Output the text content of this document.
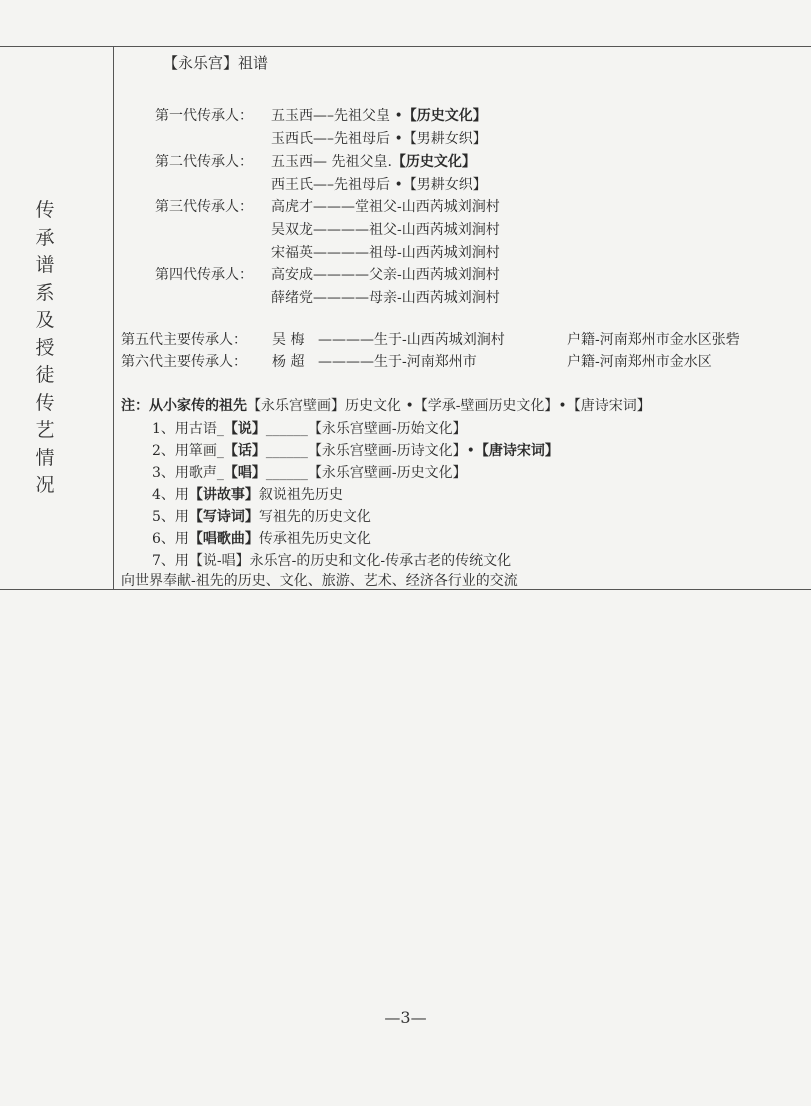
传
承
谱
系
及
授
徒
传
艺
情
况
【永乐宫】祖谱
第一代传承人： 五玉西—–先祖父皇 •【历史文化】
玉西氏—–先祖母后 •【男耕女织】
第二代传承人： 五玉西— 先祖父皇.【历史文化】
西王氏—–先祖母后 •【男耕女织】
第三代传承人： 高虎才———堂祖父-山西芮城刘涧村
吴双龙————祖父-山西芮城刘涧村
宋福英————祖母-山西芮城刘涧村
第四代传承人： 高安成————父亲-山西芮城刘涧村
薛绪党————母亲-山西芮城刘涧村
第五代主要传承人： 吴 梅 ————生于-山西芮城刘涧村	户籍-河南郑州市金水区张砦
第六代主要传承人： 杨 超 ————生于-河南郑州市	户籍-河南郑州市金水区
注：从小家传的祖先【永乐宫壁画】历史文化 •【学承-壁画历史文化】•【唐诗宋词】
1、用古语_【说】______【永乐宫壁画-历始文化】
2、用箪画_【话】______【永乐宫壁画-历诗文化】•【唐诗宋词】
3、用歌声_【唱】______【永乐宫壁画-历史文化】
4、用【讲故事】叙说祖先历史
5、用【写诗词】写祖先的历史文化
6、用【唱歌曲】传承祖先历史文化
7、用【说-唱】永乐宫-的历史和文化-传承古老的传统文化
向世界奉献-祖先的历史、文化、旅游、艺术、经济各行业的交流
—3—
